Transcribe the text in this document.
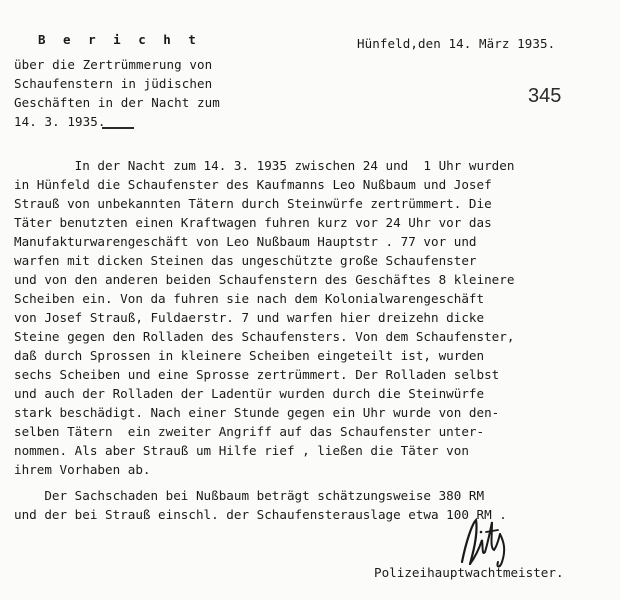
B e r i c h t
über die Zertrümmerung von
Schaufenstern in jüdischen
Geschäften in der Nacht zum
14. 3. 1935.
Hünfeld,den 14. März 1935.
345
In der Nacht zum 14. 3. 1935 zwischen 24 und  1 Uhr wurden
in Hünfeld die Schaufenster des Kaufmanns Leo Nußbaum und Josef
Strauß von unbekannten Tätern durch Steinwürfe zertrümmert. Die
Täter benutzten einen Kraftwagen fuhren kurz vor 24 Uhr vor das
Manufakturwarengeschäft von Leo Nußbaum Hauptstr . 77 vor und
warfen mit dicken Steinen das ungeschützte große Schaufenster
und von den anderen beiden Schaufenstern des Geschäftes 8 kleinere
Scheiben ein. Von da fuhren sie nach dem Kolonialwarengeschäft
von Josef Strauß, Fuldaerstr. 7 und warfen hier dreizehn dicke
Steine gegen den Rolladen des Schaufensters. Von dem Schaufenster,
daß durch Sprossen in kleinere Scheiben eingeteilt ist, wurden
sechs Scheiben und eine Sprosse zertrümmert. Der Rolladen selbst
und auch der Rolladen der Ladentür wurden durch die Steinwürfe
stark beschädigt. Nach einer Stunde gegen ein Uhr wurde von den-
selben Tätern  ein zweiter Angriff auf das Schaufenster unter-
nommen. Als aber Strauß um Hilfe rief , ließen die Täter von
ihrem Vorhaben ab.
Der Sachschaden bei Nußbaum beträgt schätzungsweise 380 RM
und der bei Strauß einschl. der Schaufensterauslage etwa 100 RM .
Polizeihauptwachtmeister.
